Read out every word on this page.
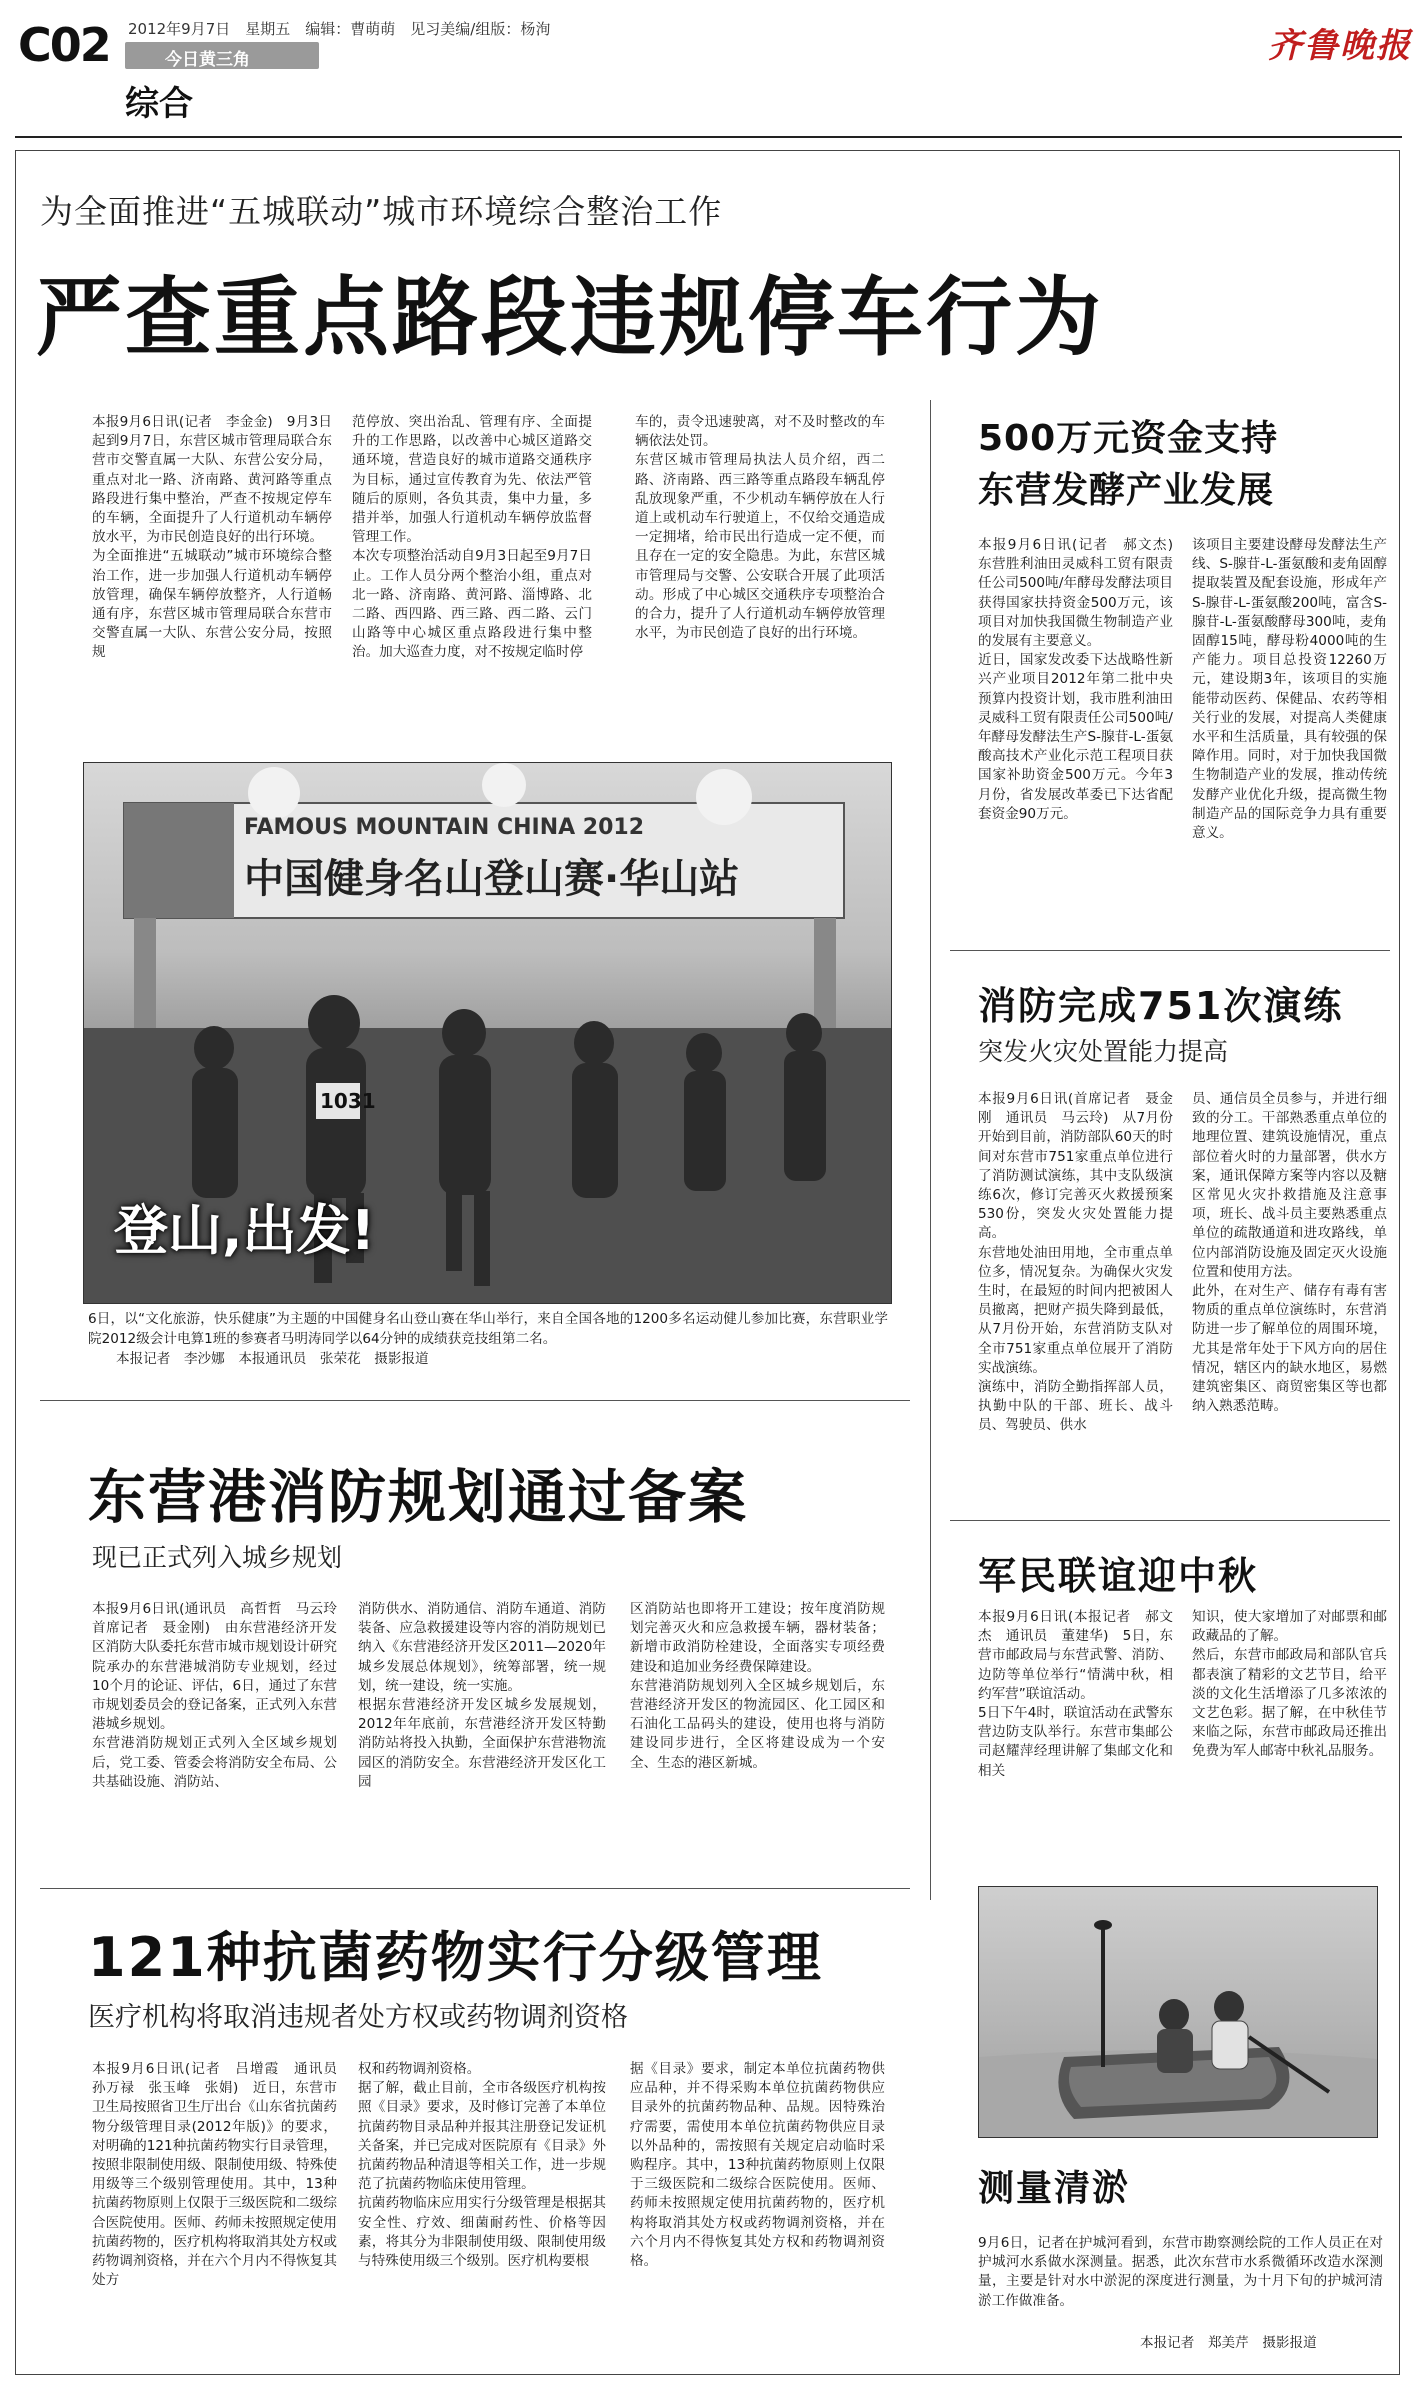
C02 2012年9月7日　星期五　编辑：曹萌萌　见习美编/组版：杨洵
今日黄三角
综合
齐鲁晚报
为全面推进“五城联动”城市环境综合整治工作
严查重点路段违规停车行为
本报9月6日讯(记者　李金金)　9月3日起到9月7日，东营区城市管理局联合东营市交警直属一大队、东营公安分局，重点对北一路、济南路、黄河路等重点路段进行集中整治，严查不按规定停车的车辆，全面提升了人行道机动车辆停放水平，为市民创造良好的出行环境。
为全面推进“五城联动”城市环境综合整治工作，进一步加强人行道机动车辆停放管理，确保车辆停放整齐，人行道畅通有序，东营区城市管理局联合东营市交警直属一大队、东营公安分局，按照规
范停放、突出治乱、管理有序、全面提升的工作思路，以改善中心城区道路交通环境，营造良好的城市道路交通秩序为目标，通过宣传教育为先、依法严管随后的原则，各负其责，集中力量，多措并举，加强人行道机动车辆停放监督管理工作。
本次专项整治活动自9月3日起至9月7日止。工作人员分两个整治小组，重点对北一路、济南路、黄河路、淄博路、北二路、西四路、西三路、西二路、云门山路等中心城区重点路段进行集中整治。加大巡查力度，对不按规定临时停
车的，责令迅速驶离，对不及时整改的车辆依法处罚。
东营区城市管理局执法人员介绍，西二路、济南路、西三路等重点路段车辆乱停乱放现象严重，不少机动车辆停放在人行道上或机动车行驶道上，不仅给交通造成一定拥堵，给市民出行造成一定不便，而且存在一定的安全隐患。为此，东营区城市管理局与交警、公安联合开展了此项活动。形成了中心城区交通秩序专项整治合的合力，提升了人行道机动车辆停放管理水平，为市民创造了良好的出行环境。
FAMOUS MOUNTAIN CHINA 2012
中国健身名山登山赛·华山站
1031
登山,出发!
6日，以“文化旅游，快乐健康”为主题的中国健身名山登山赛在华山举行，来自全国各地的1200多名运动健儿参加比赛，东营职业学院2012级会计电算1班的参赛者马明涛同学以64分钟的成绩获竞技组第二名。
本报记者　李沙娜　本报通讯员　张荣花　摄影报道
东营港消防规划通过备案
现已正式列入城乡规划
本报9月6日讯(通讯员　高哲哲　马云玲　首席记者　聂金刚)　由东营港经济开发区消防大队委托东营市城市规划设计研究院承办的东营港城消防专业规划，经过10个月的论证、评估，6日，通过了东营市规划委员会的登记备案，正式列入东营港城乡规划。
东营港消防规划正式列入全区域乡规划后，党工委、管委会将消防安全布局、公共基础设施、消防站、
消防供水、消防通信、消防车通道、消防装备、应急救援建设等内容的消防规划已纳入《东营港经济开发区2011—2020年城乡发展总体规划》，统筹部署，统一规划，统一建设，统一实施。
根据东营港经济开发区城乡发展规划，2012年年底前，东营港经济开发区特勤消防站将投入执勤，全面保护东营港物流园区的消防安全。东营港经济开发区化工园
区消防站也即将开工建设；按年度消防规划完善灭火和应急救援车辆，器材装备；新增市政消防栓建设，全面落实专项经费建设和追加业务经费保障建设。
东营港消防规划列入全区城乡规划后，东营港经济开发区的物流园区、化工园区和石油化工品码头的建设，使用也将与消防建设同步进行，全区将建设成为一个安全、生态的港区新城。
121种抗菌药物实行分级管理
医疗机构将取消违规者处方权或药物调剂资格
本报9月6日讯(记者　吕增霞　通讯员　孙万禄　张玉峰　张娟)　近日，东营市卫生局按照省卫生厅出台《山东省抗菌药物分级管理目录(2012年版)》的要求，对明确的121种抗菌药物实行目录管理，按照非限制使用级、限制使用级、特殊使用级等三个级别管理使用。其中，13种抗菌药物原则上仅限于三级医院和二级综合医院使用。医师、药师未按照规定使用抗菌药物的，医疗机构将取消其处方权或药物调剂资格，并在六个月内不得恢复其处方
权和药物调剂资格。
据了解，截止目前，全市各级医疗机构按照《目录》要求，及时修订完善了本单位抗菌药物目录品种并报其注册登记发证机关备案，并已完成对医院原有《目录》外抗菌药物品种清退等相关工作，进一步规范了抗菌药物临床使用管理。
抗菌药物临床应用实行分级管理是根据其安全性、疗效、细菌耐药性、价格等因素，将其分为非限制使用级、限制使用级与特殊使用级三个级别。医疗机构要根
据《目录》要求，制定本单位抗菌药物供应品种，并不得采购本单位抗菌药物供应目录外的抗菌药物品种、品规。因特殊治疗需要，需使用本单位抗菌药物供应目录以外品种的，需按照有关规定启动临时采购程序。其中，13种抗菌药物原则上仅限于三级医院和二级综合医院使用。医师、药师未按照规定使用抗菌药物的，医疗机构将取消其处方权或药物调剂资格，并在六个月内不得恢复其处方权和药物调剂资格。
500万元资金支持
东营发酵产业发展
本报9月6日讯(记者　郝文杰)　东营胜利油田灵威科工贸有限责任公司500吨/年酵母发酵法项目获得国家扶持资金500万元，该项目对加快我国微生物制造产业的发展有主要意义。
近日，国家发改委下达战略性新兴产业项目2012年第二批中央预算内投资计划，我市胜利油田灵威科工贸有限责任公司500吨/年酵母发酵法生产S-腺苷-L-蛋氨酸高技术产业化示范工程项目获国家补助资金500万元。今年3月份，省发展改革委已下达省配套资金90万元。
该项目主要建设酵母发酵法生产线、S-腺苷-L-蛋氨酸和麦角固醇提取装置及配套设施，形成年产S-腺苷-L-蛋氨酸200吨，富含S-腺苷-L-蛋氨酸酵母300吨，麦角固醇15吨，酵母粉4000吨的生产能力。项目总投资12260万元，建设期3年，该项目的实施能带动医药、保健品、农药等相关行业的发展，对提高人类健康水平和生活质量，具有较强的保障作用。同时，对于加快我国微生物制造产业的发展，推动传统发酵产业优化升级，提高微生物制造产品的国际竞争力具有重要意义。
消防完成751次演练
突发火灾处置能力提高
本报9月6日讯(首席记者　聂金刚　通讯员　马云玲)　从7月份开始到目前，消防部队60天的时间对东营市751家重点单位进行了消防测试演练，其中支队级演练6次，修订完善灭火救援预案530份，突发火灾处置能力提高。
东营地处油田用地，全市重点单位多，情况复杂。为确保火灾发生时，在最短的时间内把被困人员撤离，把财产损失降到最低，从7月份开始，东营消防支队对全市751家重点单位展开了消防实战演练。
演练中，消防全勤指挥部人员，执勤中队的干部、班长、战斗员、驾驶员、供水
员、通信员全员参与，并进行细致的分工。干部熟悉重点单位的地理位置、建筑设施情况，重点部位着火时的力量部署，供水方案，通讯保障方案等内容以及糖区常见火灾扑救措施及注意事项，班长、战斗员主要熟悉重点单位的疏散通道和进攻路线，单位内部消防设施及固定灭火设施位置和使用方法。
此外，在对生产、储存有毒有害物质的重点单位演练时，东营消防进一步了解单位的周围环境，尤其是常年处于下风方向的居住情况，辖区内的缺水地区，易燃建筑密集区、商贸密集区等也都纳入熟悉范畴。
军民联谊迎中秋
本报9月6日讯(本报记者　郝文杰　通讯员　董建华)　5日，东营市邮政局与东营武警、消防、边防等单位举行“情满中秋，相约军营”联谊活动。
5日下午4时，联谊活动在武警东营边防支队举行。东营市集邮公司赵耀萍经理讲解了集邮文化和相关
知识，使大家增加了对邮票和邮政藏品的了解。
然后，东营市邮政局和部队官兵都表演了精彩的文艺节目，给平淡的文化生活增添了几多浓浓的文艺色彩。据了解，在中秋佳节来临之际，东营市邮政局还推出免费为军人邮寄中秋礼品服务。
测量清淤
9月6日，记者在护城河看到，东营市勘察测绘院的工作人员正在对护城河水系做水深测量。据悉，此次东营市水系微循环改造水深测量，主要是针对水中淤泥的深度进行测量，为十月下旬的护城河清淤工作做准备。
本报记者　郑美芹　摄影报道
